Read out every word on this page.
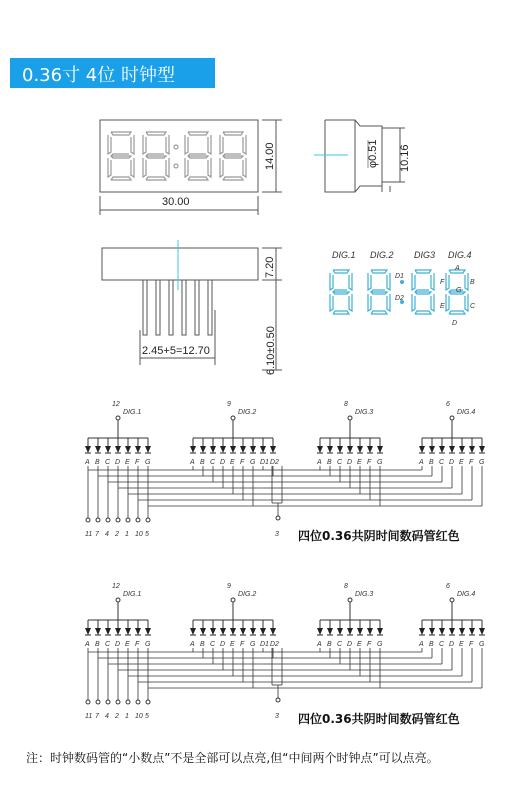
0.36寸 4位 时钟型
14.00
30.00
φ0.51 10.16
7.20
2.45+5=12.70	6.10±0.50
DIG.1 DIG.2 DIG3 DIG.4
A
B
C
D
E
F
G
D1
D2
12
DIG.1
A B C D E F G
9
DIG.2
A B C D E F G D1 D2
8
DIG.3
A B C D E F G
6
DIG.4
A B C D E F G
11 7 4 2 1 10 5	3
12
DIG.1
A B C D E F G
9
DIG.2
A B C D E F G D1 D2
8
DIG.3
A B C D E F G
6
DIG.4
A B C D E F G
11 7 4 2 1 10 5	3
四位0.36共阴时间数码管红色
四位0.36共阴时间数码管红色
注：时钟数码管的“小数点”不是全部可以点亮,但“中间两个时钟点”可以点亮。
